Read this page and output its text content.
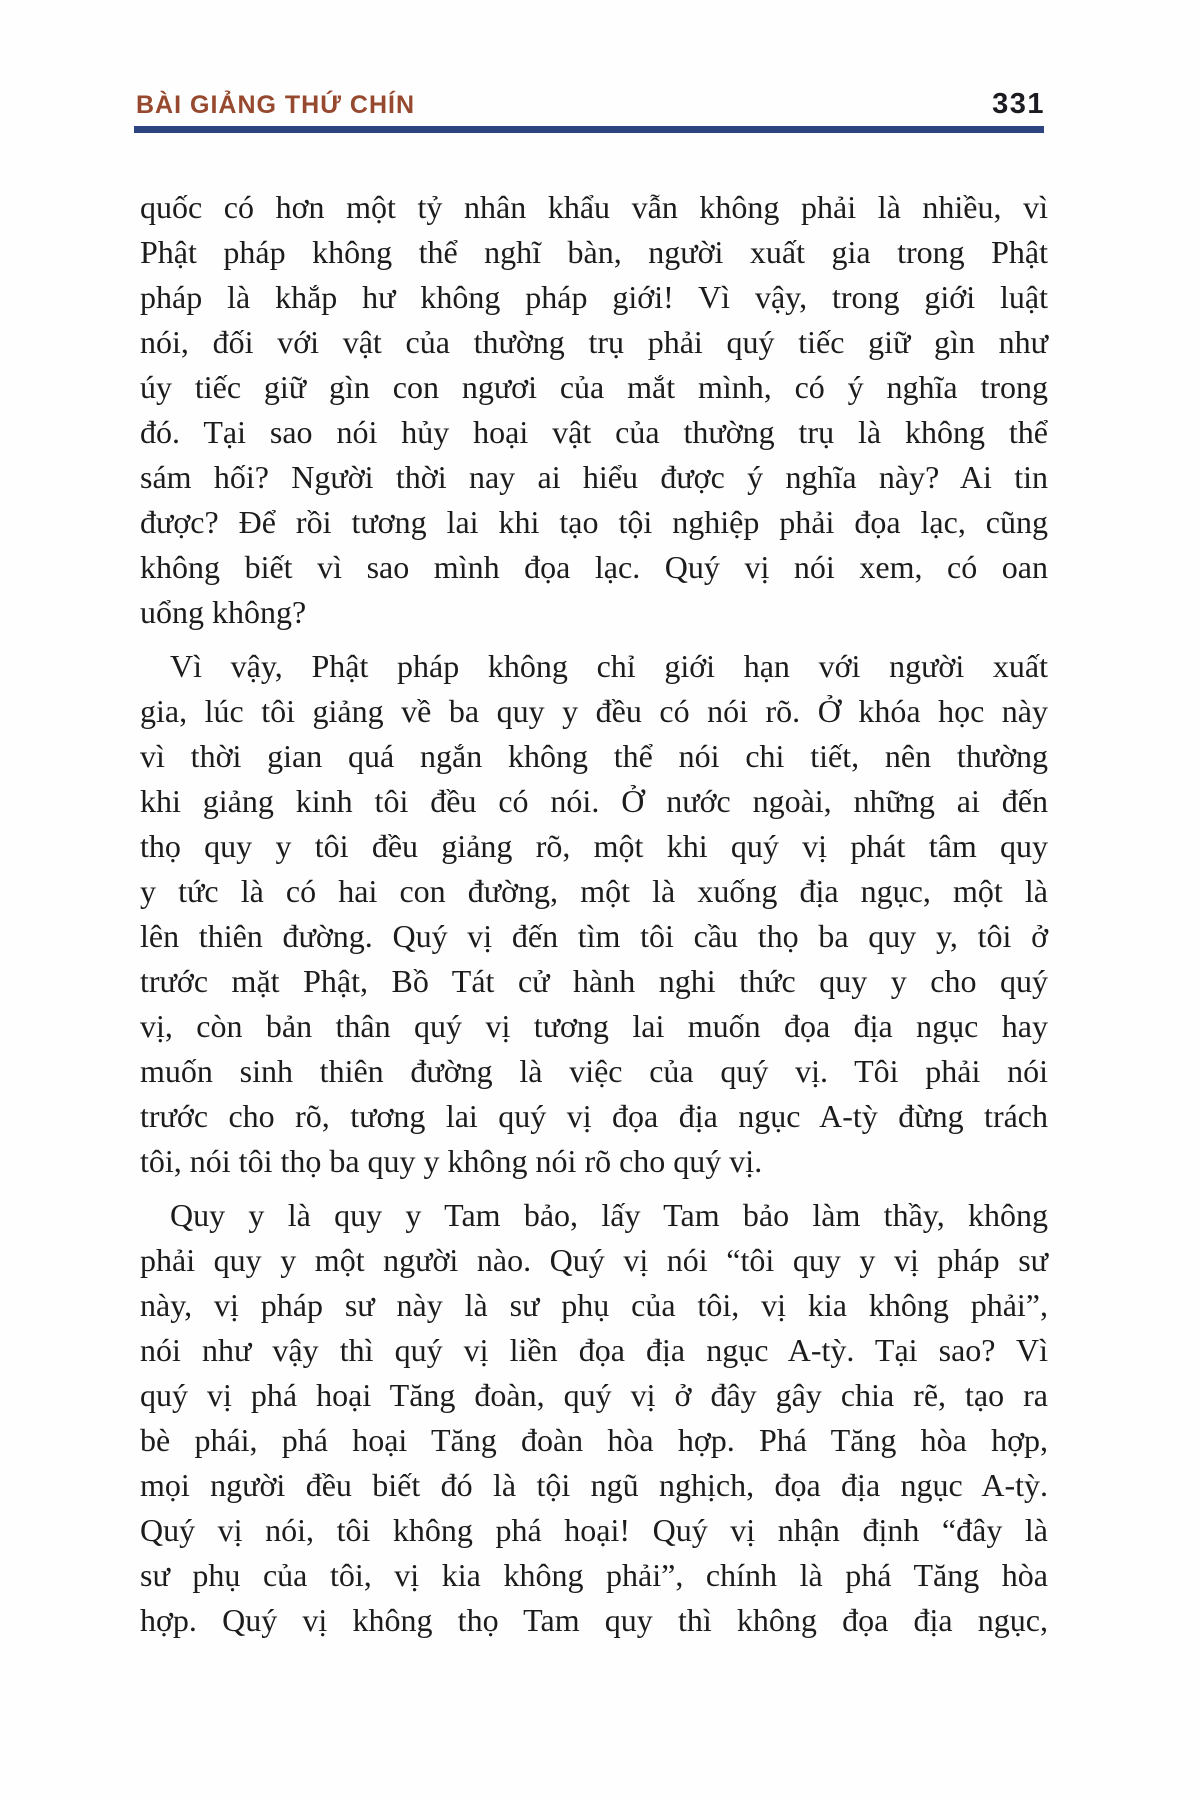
BÀI GIẢNG THỨ CHÍN	331
quốc có hơn một tỷ nhân khẩu vẫn không phải là nhiều, vì
Phật pháp không thể nghĩ bàn, người xuất gia trong Phật
pháp là khắp hư không pháp giới! Vì vậy, trong giới luật
nói, đối với vật của thường trụ phải quý tiếc giữ gìn như
úy tiếc giữ gìn con ngươi của mắt mình, có ý nghĩa trong
đó. Tại sao nói hủy hoại vật của thường trụ là không thể
sám hối? Người thời nay ai hiểu được ý nghĩa này? Ai tin
được? Để rồi tương lai khi tạo tội nghiệp phải đọa lạc, cũng
không biết vì sao mình đọa lạc. Quý vị nói xem, có oan
uổng không?
Vì vậy, Phật pháp không chỉ giới hạn với người xuất
gia, lúc tôi giảng về ba quy y đều có nói rõ. Ở khóa học này
vì thời gian quá ngắn không thể nói chi tiết, nên thường
khi giảng kinh tôi đều có nói. Ở nước ngoài, những ai đến
thọ quy y tôi đều giảng rõ, một khi quý vị phát tâm quy
y tức là có hai con đường, một là xuống địa ngục, một là
lên thiên đường. Quý vị đến tìm tôi cầu thọ ba quy y, tôi ở
trước mặt Phật, Bồ Tát cử hành nghi thức quy y cho quý
vị, còn bản thân quý vị tương lai muốn đọa địa ngục hay
muốn sinh thiên đường là việc của quý vị. Tôi phải nói
trước cho rõ, tương lai quý vị đọa địa ngục A-tỳ đừng trách
tôi, nói tôi thọ ba quy y không nói rõ cho quý vị.
Quy y là quy y Tam bảo, lấy Tam bảo làm thầy, không
phải quy y một người nào. Quý vị nói “tôi quy y vị pháp sư
này, vị pháp sư này là sư phụ của tôi, vị kia không phải”,
nói như vậy thì quý vị liền đọa địa ngục A-tỳ. Tại sao? Vì
quý vị phá hoại Tăng đoàn, quý vị ở đây gây chia rẽ, tạo ra
bè phái, phá hoại Tăng đoàn hòa hợp. Phá Tăng hòa hợp,
mọi người đều biết đó là tội ngũ nghịch, đọa địa ngục A-tỳ.
Quý vị nói, tôi không phá hoại! Quý vị nhận định “đây là
sư phụ của tôi, vị kia không phải”, chính là phá Tăng hòa
hợp. Quý vị không thọ Tam quy thì không đọa địa ngục,
